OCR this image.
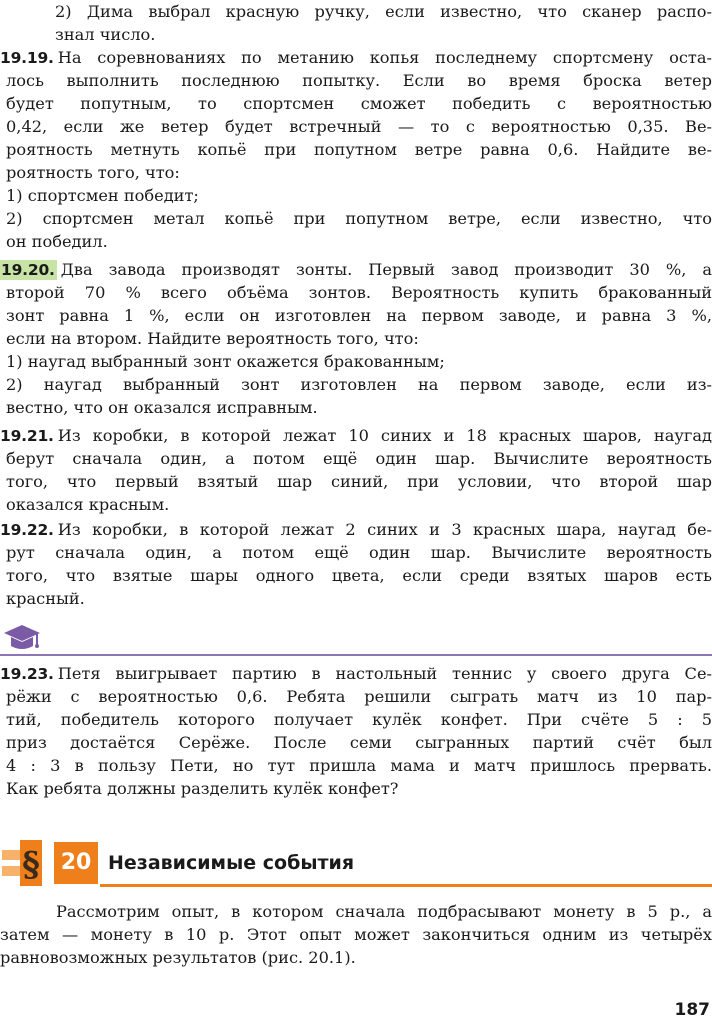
2) Дима выбрал красную ручку, если известно, что сканер распо-
знал число.
19.19. На соревнованиях по метанию копья последнему спортсмену оста-
лось выполнить последнюю попытку. Если во время броска ветер
будет попутным, то спортсмен сможет победить с вероятностью
0,42, если же ветер будет встречный — то с вероятностью 0,35. Ве-
роятность метнуть копьё при попутном ветре равна 0,6. Найдите ве-
роятность того, что:
1) спортсмен победит;
2) спортсмен метал копьё при попутном ветре, если известно, что
он победил.
19.20. Два завода производят зонты. Первый завод производит 30 %, а
второй 70 % всего объёма зонтов. Вероятность купить бракованный
зонт равна 1 %, если он изготовлен на первом заводе, и равна 3 %,
если на втором. Найдите вероятность того, что:
1) наугад выбранный зонт окажется бракованным;
2) наугад выбранный зонт изготовлен на первом заводе, если из-
вестно, что он оказался исправным.
19.21. Из коробки, в которой лежат 10 синих и 18 красных шаров, наугад
берут сначала один, а потом ещё один шар. Вычислите вероятность
того, что первый взятый шар синий, при условии, что второй шар
оказался красным.
19.22. Из коробки, в которой лежат 2 синих и 3 красных шара, наугад бе-
рут сначала один, а потом ещё один шар. Вычислите вероятность
того, что взятые шары одного цвета, если среди взятых шаров есть
красный.
19.23. Петя выигрывает партию в настольный теннис у своего друга Се-
рёжи с вероятностью 0,6. Ребята решили сыграть матч из 10 пар-
тий, победитель которого получает кулёк конфет. При счёте 5 : 5
приз достаётся Серёже. После семи сыгранных партий счёт был
4 : 3 в пользу Пети, но тут пришла мама и матч пришлось прервать.
Как ребята должны разделить кулёк конфет?
§ 20 Независимые события
Рассмотрим опыт, в котором сначала подбрасывают монету в 5 р., а
затем — монету в 10 р. Этот опыт может закончиться одним из четырёх
равновозможных результатов (рис. 20.1).
187
